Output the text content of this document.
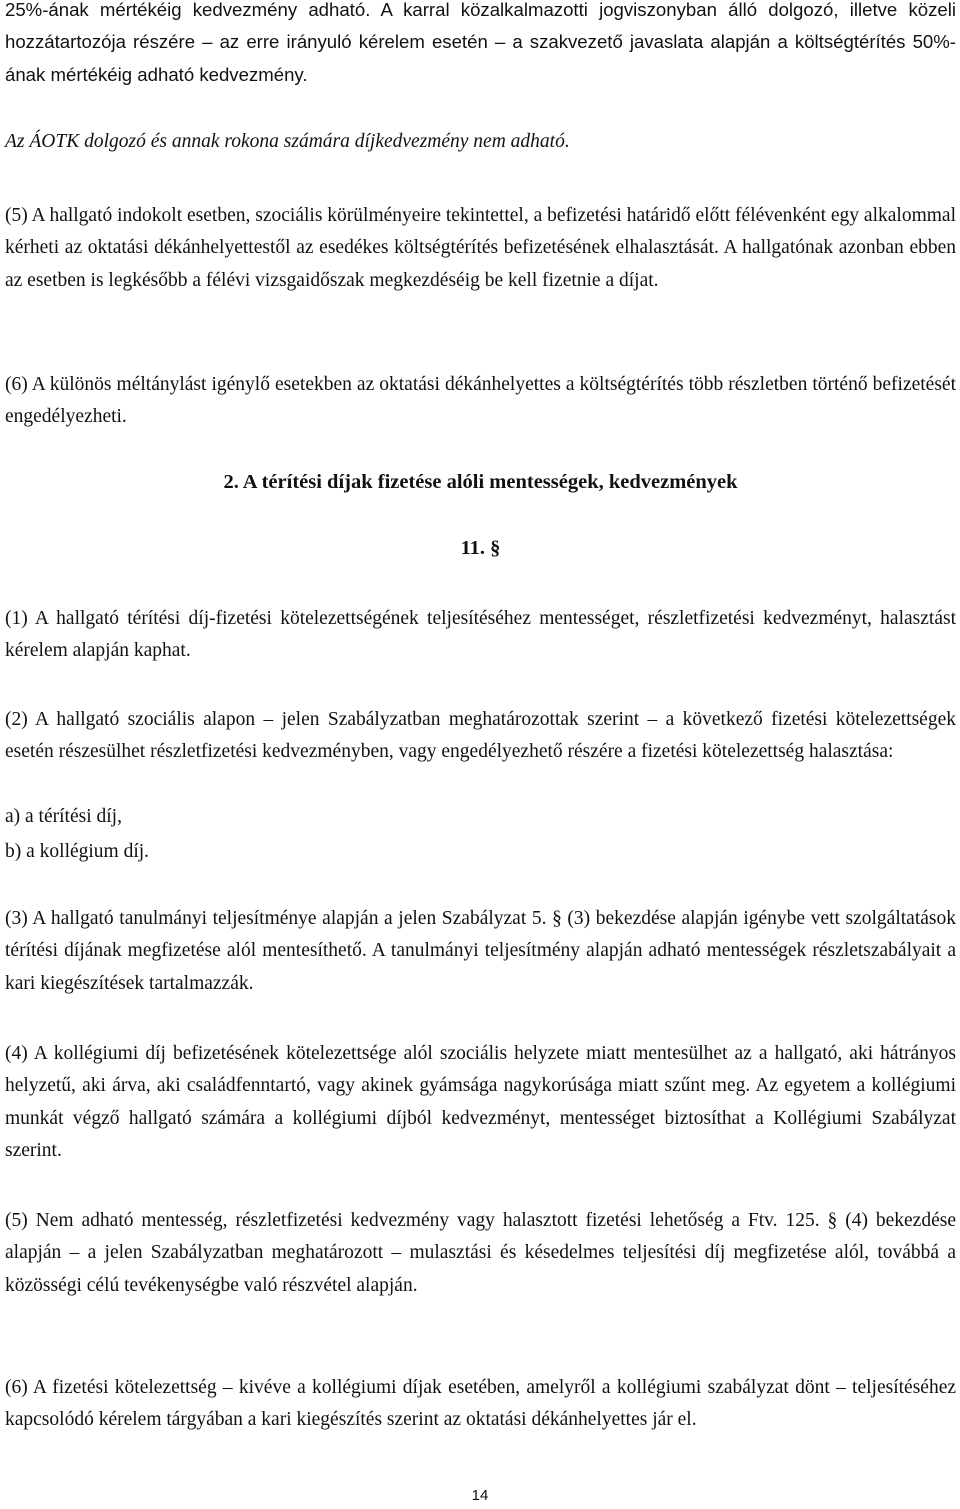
25%-ának mértékéig kedvezmény adható. A karral közalkalmazotti jogviszonyban álló dolgozó, illetve közeli hozzátartozója részére – az erre irányuló kérelem esetén – a szakvezető javaslata alapján a költségtérítés 50%-ának mértékéig adható kedvezmény.

Az ÁOTK dolgozó és annak rokona számára díjkedvezmény nem adható.

(5) A hallgató indokolt esetben, szociális körülményeire tekintettel, a befizetési határidő előtt félévenként egy alkalommal kérheti az oktatási dékánhelyettestől az esedékes költségtérítés befizetésének elhalasztását. A hallgatónak azonban ebben az esetben is legkésőbb a félévi vizsgaidőszak megkezdéséig be kell fizetnie a díjat.

(6) A különös méltánylást igénylő esetekben az oktatási dékánhelyettes a költségtérítés több részletben történő befizetését engedélyezheti.

2. A térítési díjak fizetése alóli mentességek, kedvezmények

11. §

(1) A hallgató térítési díj-fizetési kötelezettségének teljesítéséhez mentességet, részletfizetési kedvezményt, halasztást kérelem alapján kaphat.

(2) A hallgató szociális alapon – jelen Szabályzatban meghatározottak szerint – a következő fizetési kötelezettségek esetén részesülhet részletfizetési kedvezményben, vagy engedélyezhető részére a fizetési kötelezettség halasztása:

a) a térítési díj,

b) a kollégium díj.

(3) A hallgató tanulmányi teljesítménye alapján a jelen Szabályzat 5. § (3) bekezdése alapján igénybe vett szolgáltatások térítési díjának megfizetése alól mentesíthető. A tanulmányi teljesítmény alapján adható mentességek részletszabályait a kari kiegészítések tartalmazzák.

(4) A kollégiumi díj befizetésének kötelezettsége alól szociális helyzete miatt mentesülhet az a hallgató, aki hátrányos helyzetű, aki árva, aki családfenntartó, vagy akinek gyámsága nagykorúsága miatt szűnt meg. Az egyetem a kollégiumi munkát végző hallgató számára a kollégiumi díjból kedvezményt, mentességet biztosíthat a Kollégiumi Szabályzat szerint.

(5) Nem adható mentesség, részletfizetési kedvezmény vagy halasztott fizetési lehetőség a Ftv. 125. § (4) bekezdése alapján – a jelen Szabályzatban meghatározott – mulasztási és késedelmes teljesítési díj megfizetése alól, továbbá a közösségi célú tevékenységbe való részvétel alapján.

(6) A fizetési kötelezettség – kivéve a kollégiumi díjak esetében, amelyről a kollégiumi szabályzat dönt – teljesítéséhez kapcsolódó kérelem tárgyában a kari kiegészítés szerint az oktatási dékánhelyettes jár el.

14
